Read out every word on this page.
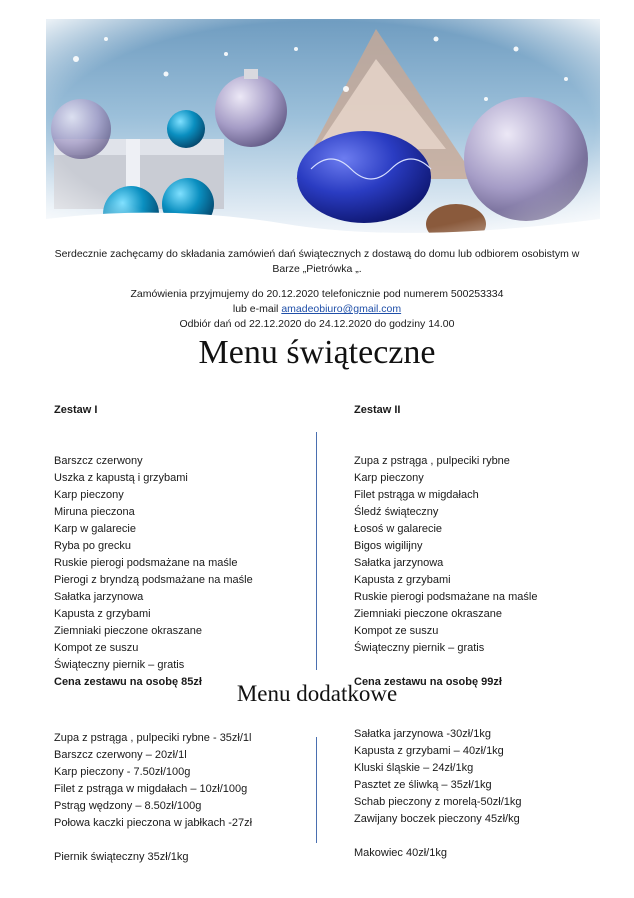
Serdecznie zachęcamy do składania zamówień dań świątecznych z dostawą do domu lub odbiorem osobistym w
Barze „Pietrówka „.
Zamówienia przyjmujemy do 20.12.2020 telefonicznie pod numerem 500253334
lub e-mail amadeobiuro@gmail.com
Odbiór dań od 22.12.2020 do 24.12.2020 do godziny 14.00
Menu świąteczne
Zestaw I
Barszcz czerwony
Uszka z kapustą i grzybami
Karp pieczony
Miruna pieczona
Karp w galarecie
Ryba po grecku
Ruskie pierogi podsmażane na maśle
Pierogi z bryndzą podsmażane na maśle
Sałatka jarzynowa
Kapusta z grzybami
Ziemniaki pieczone okraszane
Kompot ze suszu
Świąteczny piernik – gratis
Cena zestawu na osobę 85zł
Zestaw II
Zupa z pstrąga , pulpeciki rybne
Karp pieczony
Filet pstrąga w migdałach
Śledź świąteczny
Łosoś w galarecie
Bigos wigilijny
Sałatka jarzynowa
Kapusta z grzybami
Ruskie pierogi podsmażane na maśle
Ziemniaki pieczone okraszane
Kompot ze suszu
Świąteczny piernik – gratis
Cena zestawu na osobę 99zł
Menu dodatkowe
Zupa z pstrąga , pulpeciki rybne - 35zł/1l
Barszcz czerwony – 20zł/1l
Karp pieczony - 7.50zł/100g
Filet z pstrąga w migdałach – 10zł/100g
Pstrąg wędzony – 8.50zł/100g
Połowa kaczki pieczona w jabłkach -27zł
Piernik świąteczny 35zł/1kg
Sałatka jarzynowa -30zł/1kg
Kapusta z grzybami – 40zł/1kg
Kluski śląskie – 24zł/1kg
Pasztet ze śliwką – 35zł/1kg
Schab pieczony z morelą-50zł/1kg
Zawijany boczek pieczony 45zł/kg
Makowiec 40zł/1kg
